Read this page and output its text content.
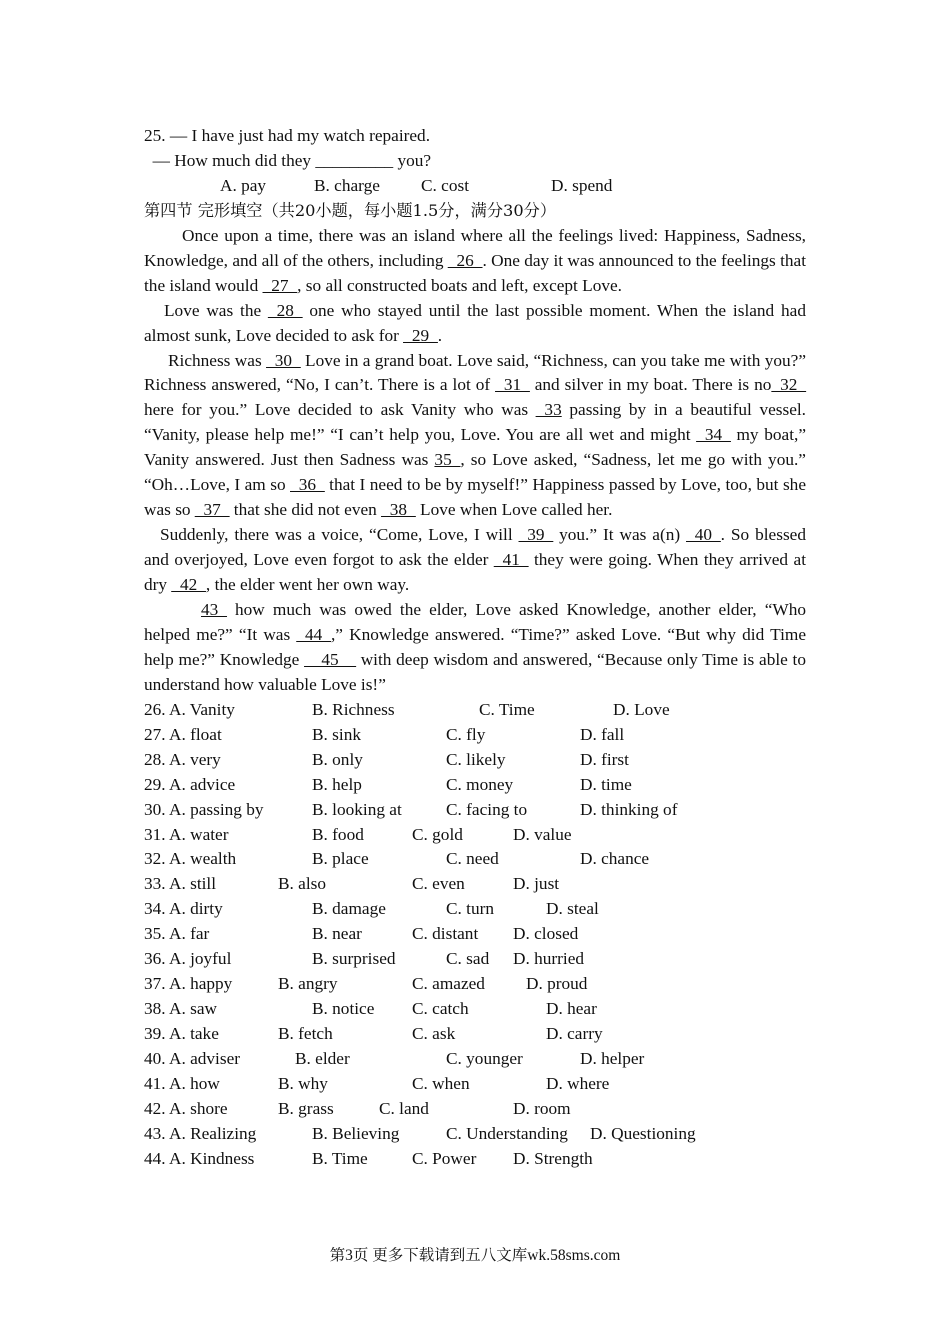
25. — I have just had my watch repaired.
— How much did they _________ you?
A. pay	B. charge C. cost	D. spend
第四节 完形填空（共20小题，每小题1.5分，满分30分）
Once upon a time, there was an island where all the feelings lived: Happiness, Sadness, Knowledge, and all of the others, including _26_. One day it was announced to the feelings that the island would _27_, so all constructed boats and left, except Love.
Love was the _28_ one who stayed until the last possible moment. When the island had almost sunk, Love decided to ask for _29_.
Richness was _30_ Love in a grand boat. Love said, “Richness, can you take me with you?” Richness answered, “No, I can’t. There is a lot of _31_ and silver in my boat. There is no_32_ here for you.” Love decided to ask Vanity who was _33 passing by in a beautiful vessel. “Vanity, please help me!” “I can’t help you, Love. You are all wet and might _34_ my boat,” Vanity answered. Just then Sadness was 35_, so Love asked, “Sadness, let me go with you.” “Oh…Love, I am so _36_ that I need to be by myself!” Happiness passed by Love, too, but she was so _37_ that she did not even _38_ Love when Love called her.
Suddenly, there was a voice, “Come, Love, I will _39_ you.” It was a(n) _40_. So blessed and overjoyed, Love even forgot to ask the elder _41_ they were going. When they arrived at dry _42_, the elder went her own way.
43_ how much was owed the elder, Love asked Knowledge, another elder, “Who helped me?” “It was _44_,” Knowledge answered. “Time?” asked Love. “But why did Time help me?” Knowledge __45__ with deep wisdom and answered, “Because only Time is able to understand how valuable Love is!”
26. A. Vanity	B. Richness	C. Time	D. Love
27. A. float	B. sink	C. fly	D. fall
28. A. very	B. only	C. likely	D. first
29. A. advice	B. help	C. money	D. time
30. A. passing by	B. looking at	C. facing to	D. thinking of
31. A. water	B. food	C. gold	D. value
32. A. wealth	B. place	C. need	D. chance
33. A. still	B. also	C. even	D. just
34. A. dirty	B. damage	C. turn	D. steal
35. A. far	B. near	C. distant D. closed
36. A. joyful	B. surprised	C. sad D. hurried
37. A. happy	B. angry	C. amazed D. proud
38. A. saw	B. notice C. catch	D. hear
39. A. take	B. fetch	C. ask	D. carry
40. A. adviser	B. elder	C. younger	D. helper
41. A. how	B. why	C. when	D. where
42. A. shore	B. grass	C. land	D. room
43. A. Realizing	B. Believing	C. Understanding D. Questioning
44. A. Kindness	B. Time	C. Power D. Strength
第3页 更多下载请到五八文库wk.58sms.com
